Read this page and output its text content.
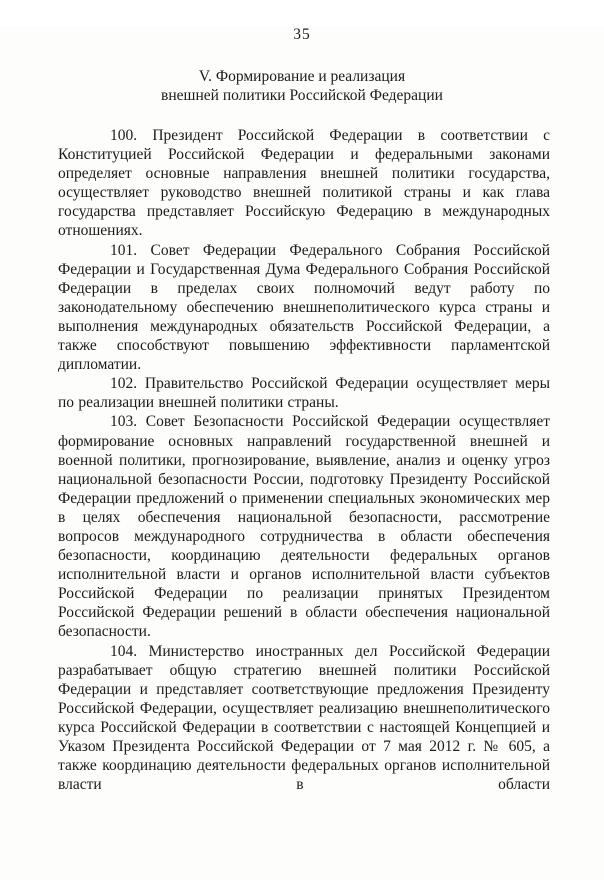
35
V. Формирование и реализация
внешней политики Российской Федерации

100. Президент Российской Федерации в соответствии с Конституцией Российской Федерации и федеральными законами определяет основные направления внешней политики государства, осуществляет руководство внешней политикой страны и как глава государства представляет Российскую Федерацию в международных отношениях.

101. Совет Федерации Федерального Собрания Российской Федерации и Государственная Дума Федерального Собрания Российской Федерации в пределах своих полномочий ведут работу по законодательному обеспечению внешнеполитического курса страны и выполнения международных обязательств Российской Федерации, а также способствуют повышению эффективности парламентской дипломатии.

102. Правительство Российской Федерации осуществляет меры по реализации внешней политики страны.

103. Совет Безопасности Российской Федерации осуществляет формирование основных направлений государственной внешней и военной политики, прогнозирование, выявление, анализ и оценку угроз национальной безопасности России, подготовку Президенту Российской Федерации предложений о применении специальных экономических мер в целях обеспечения национальной безопасности, рассмотрение вопросов международного сотрудничества в области обеспечения безопасности, координацию деятельности федеральных органов исполнительной власти и органов исполнительной власти субъектов Российской Федерации по реализации принятых Президентом Российской Федерации решений в области обеспечения национальной безопасности.

104. Министерство иностранных дел Российской Федерации разрабатывает общую стратегию внешней политики Российской Федерации и представляет соответствующие предложения Президенту Российской Федерации, осуществляет реализацию внешнеполитического курса Российской Федерации в соответствии с настоящей Концепцией и Указом Президента Российской Федерации от 7 мая 2012 г. № 605, а также координацию деятельности федеральных органов исполнительной власти в области
